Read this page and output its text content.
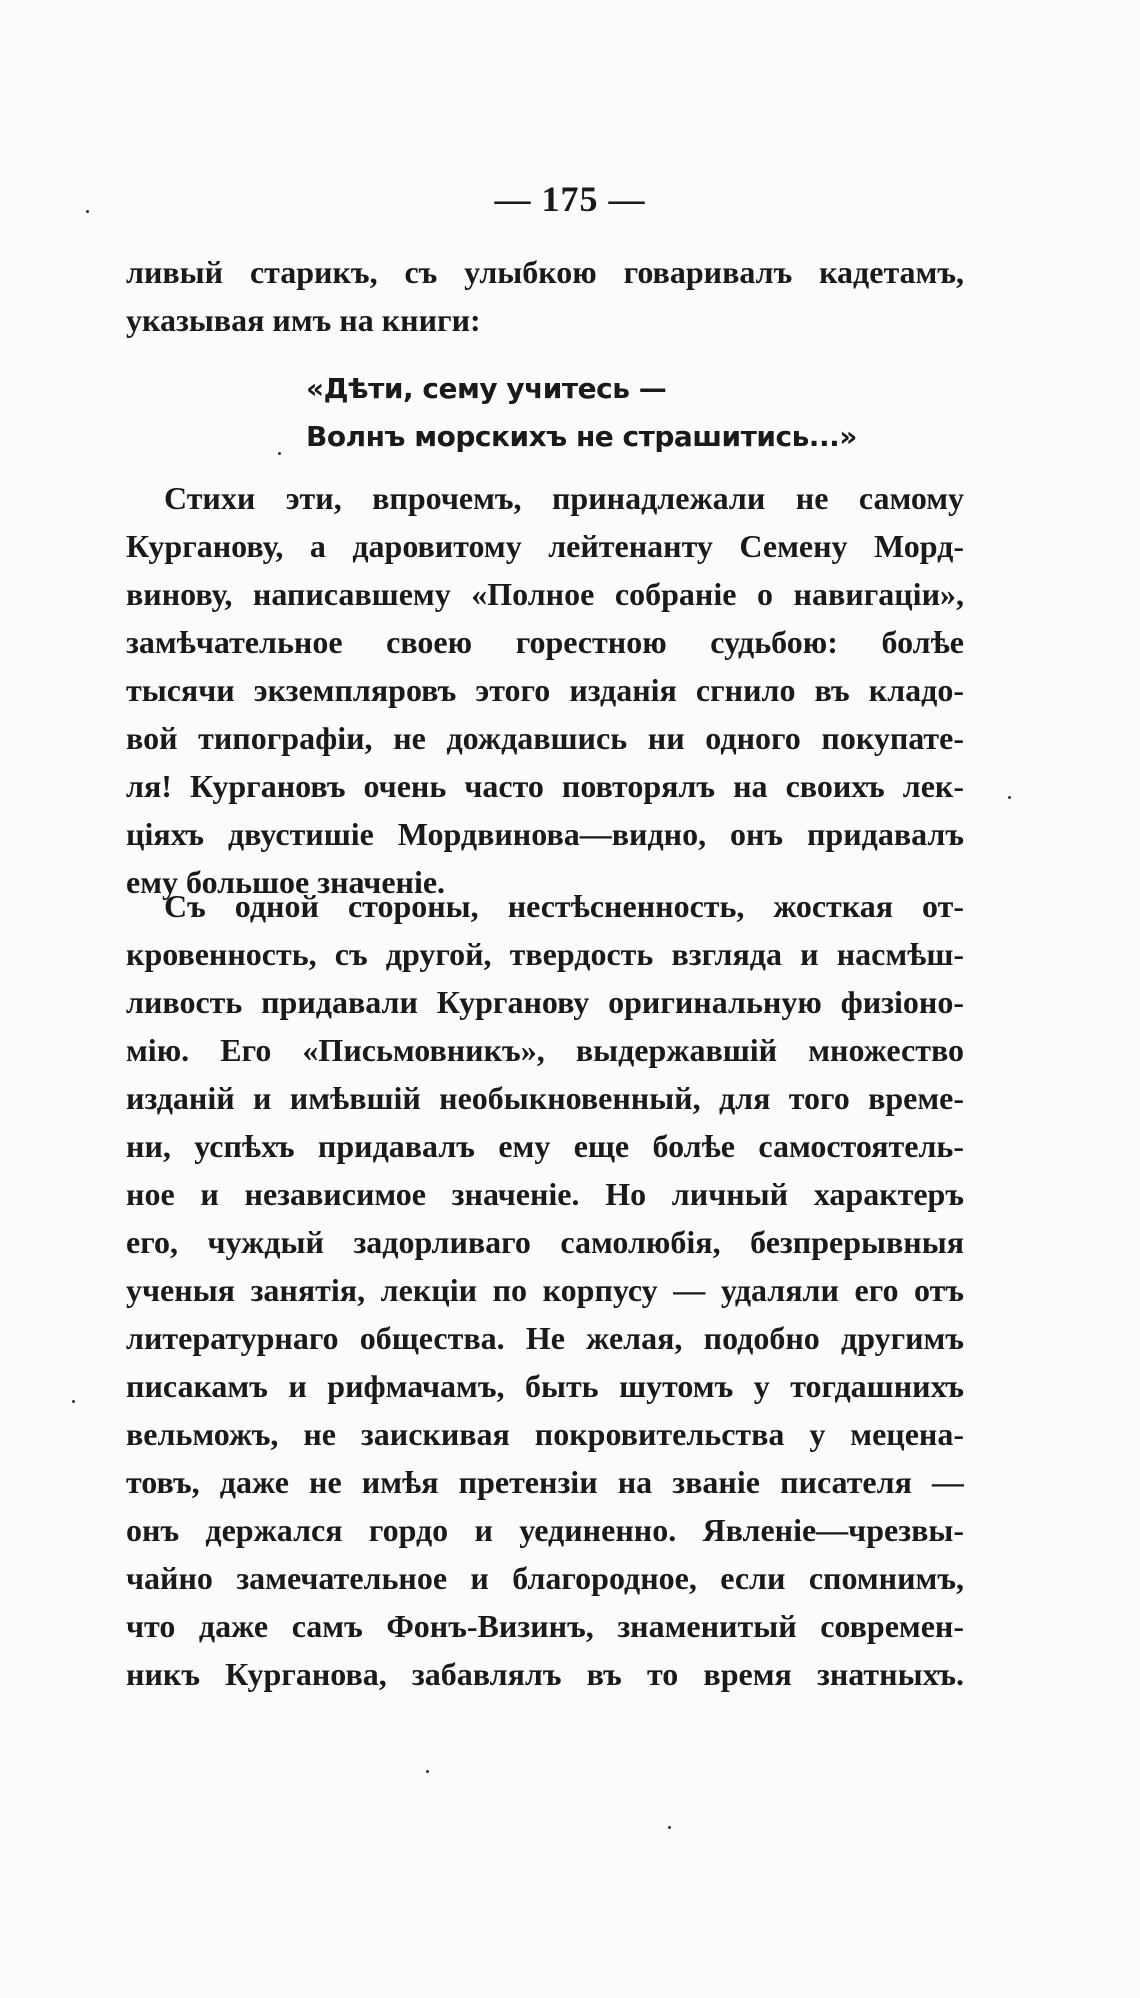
— 175 —
ливый старикъ, съ улыбкою говаривалъ кадетамъ,
указывая имъ на книги:
«Дѣти, сему учитесь —
Волнъ морскихъ не страшитись...»
Стихи эти, впрочемъ, принадлежали не самому
Курганову, а даровитому лейтенанту Семену Морд-
винову, написавшему «Полное собраніе о навигаціи»,
замѣчательное своею горестною судьбою: болѣе
тысячи экземпляровъ этого изданія сгнило въ кладо-
вой типографіи, не дождавшись ни одного покупате-
ля! Кургановъ очень часто повторялъ на своихъ лек-
ціяхъ двустишіе Мордвинова—видно, онъ придавалъ
ему большое значеніе.
Съ одной стороны, нестѣсненность, жосткая от-
кровенность, съ другой, твердость взгляда и насмѣш-
ливость придавали Курганову оригинальную физіоно-
мію. Его «Письмовникъ», выдержавшій множество
изданій и имѣвшій необыкновенный, для того време-
ни, успѣхъ придавалъ ему еще болѣе самостоятель-
ное и независимое значеніе. Но личный характеръ
его, чуждый задорливаго самолюбія, безпрерывныя
ученыя занятія, лекціи по корпусу — удаляли его отъ
литературнаго общества. Не желая, подобно другимъ
писакамъ и рифмачамъ, быть шутомъ у тогдашнихъ
вельможъ, не заискивая покровительства у мецена-
товъ, даже не имѣя претензіи на званіе писателя —
онъ держался гордо и уединенно. Явленіе—чрезвы-
чайно замечательное и благородное, если спомнимъ,
что даже самъ Фонъ-Визинъ, знаменитый современ-
никъ Курганова, забавлялъ въ то время знатныхъ.
